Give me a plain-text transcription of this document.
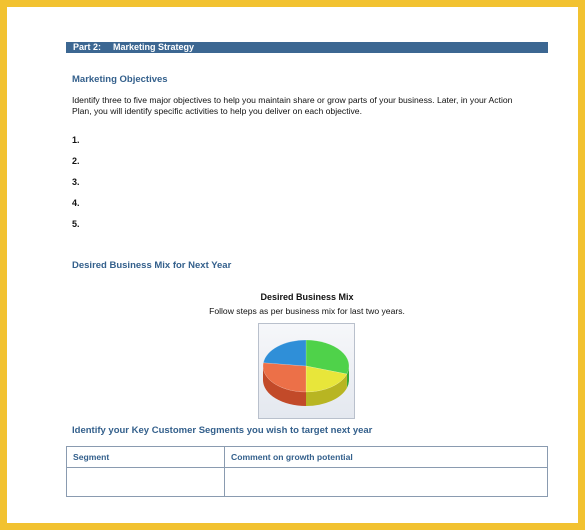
Part 2: Marketing Strategy
Marketing Objectives
Identify three to five major objectives to help you maintain share or grow parts of your business. Later, in your Action
Plan, you will identify specific activities to help you deliver on each objective.
1.
2.
3.
4.
5.
Desired Business Mix for Next Year
Desired Business Mix
Follow steps as per business mix for last two years.
Identify your Key Customer Segments you wish to target next year
Segment	Comment on growth potential
